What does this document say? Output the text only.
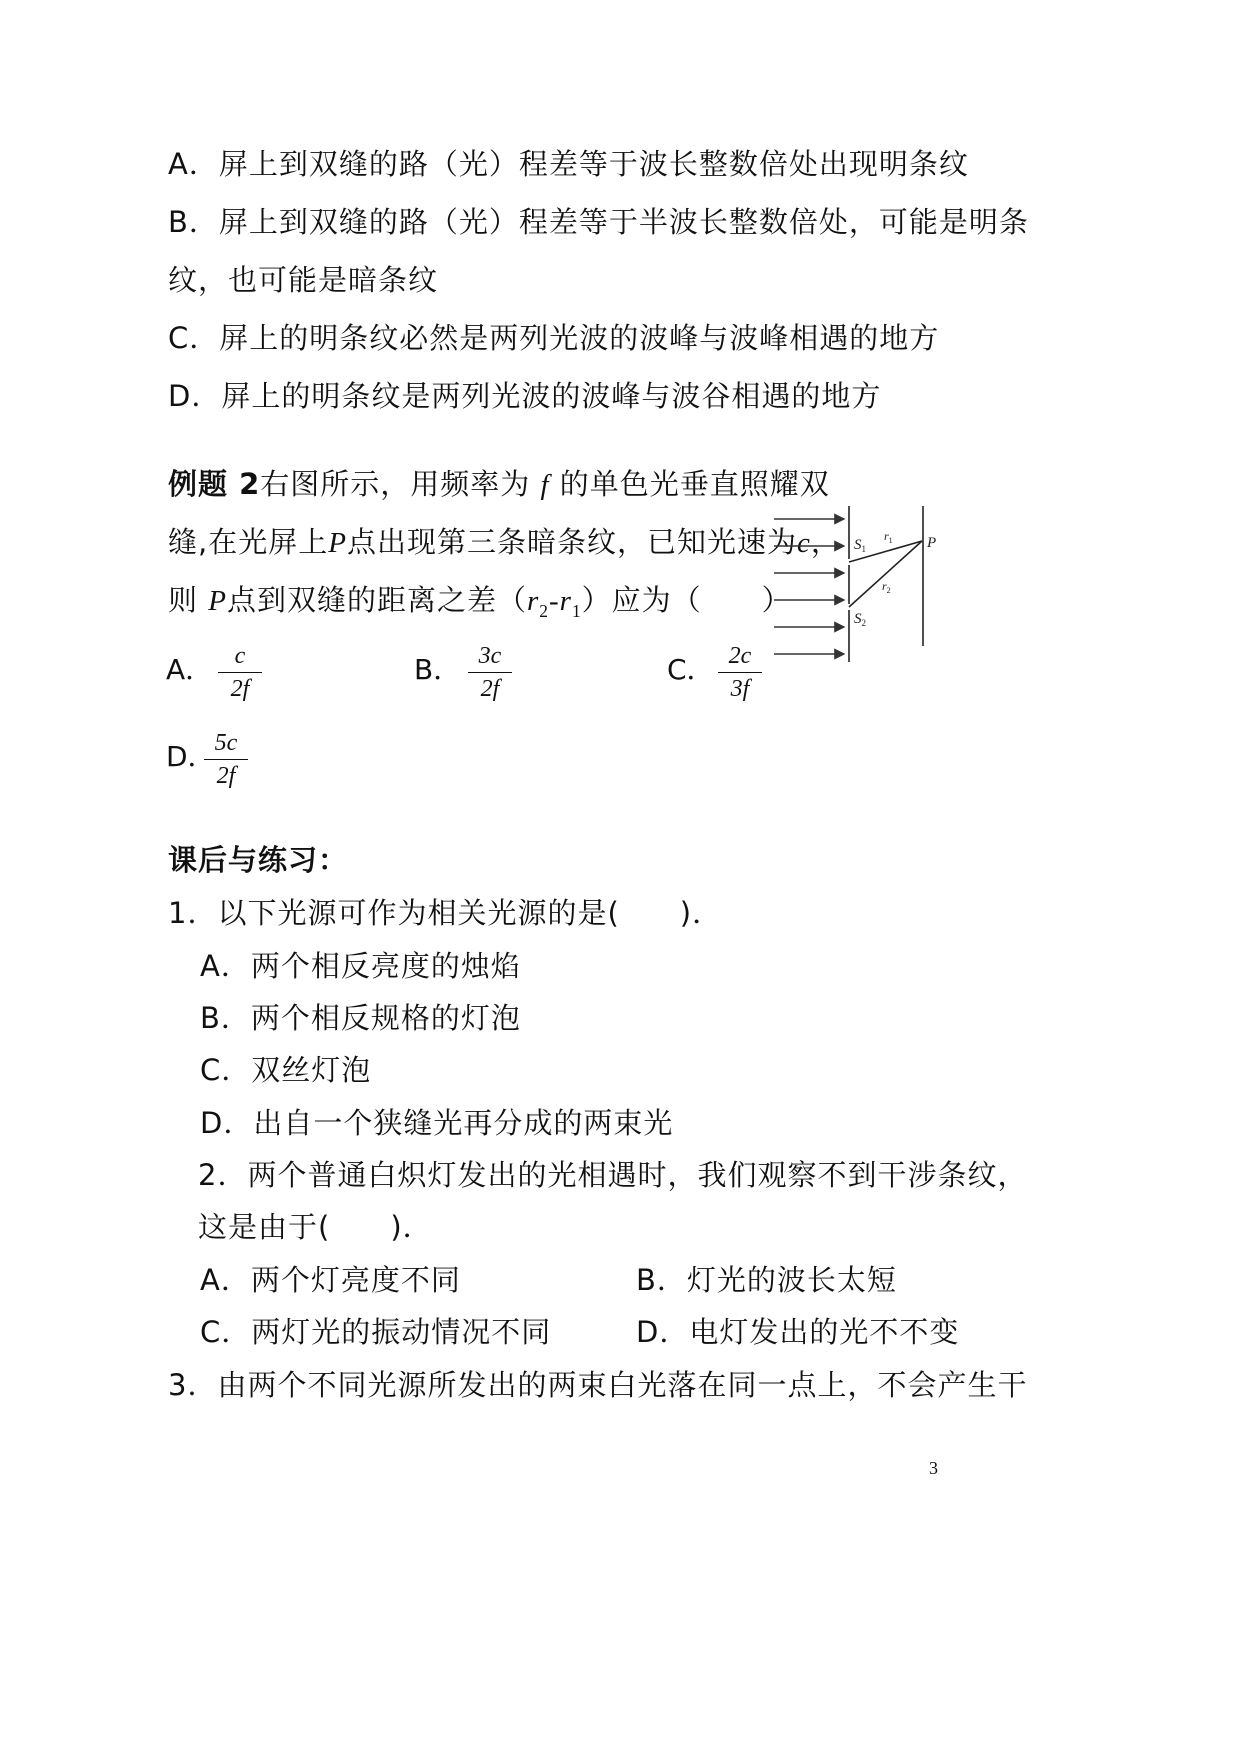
A．屏上到双缝的路（光）程差等于波长整数倍处出现明条纹
B．屏上到双缝的路（光）程差等于半波长整数倍处，可能是明条
纹，也可能是暗条纹
C．屏上的明条纹必然是两列光波的波峰与波峰相遇的地方
D．屏上的明条纹是两列光波的波峰与波谷相遇的地方
例题 2右图所示，用频率为 f 的单色光垂直照耀双
缝,在光屏上P点出现第三条暗条纹，已知光速为c，
则 P点到双缝的距离之差$(r_2-r_1)$应为（　　）
A． c
2f
B． 3c
2f
C． 2c
3f
D． 5c
2f
$S_1$
$r_1$
$r_2$
P
$S_2$
课后与练习：
1．以下光源可作为相关光源的是(　　)．
A．两个相反亮度的烛焰
B．两个相反规格的灯泡
C．双丝灯泡
D．出自一个狭缝光再分成的两束光
2．两个普通白炽灯发出的光相遇时，我们观察不到干涉条纹，
这是由于(　　)．
A．两个灯亮度不同	B．灯光的波长太短
C．两灯光的振动情况不同	D．电灯发出的光不不变
3．由两个不同光源所发出的两束白光落在同一点上，不会产生干
3
